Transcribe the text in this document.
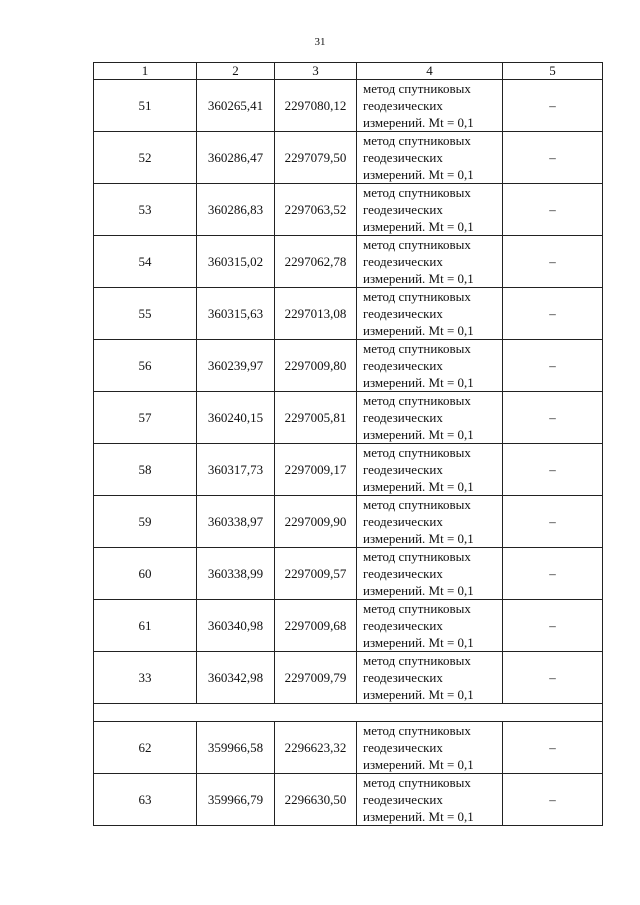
31
1	2	3	4	5
51	360265,41	2297080,12	метод спутниковых
геодезических
измерений. Mt = 0,1	–
52	360286,47	2297079,50	метод спутниковых
геодезических
измерений. Mt = 0,1	–
53	360286,83	2297063,52	метод спутниковых
геодезических
измерений. Mt = 0,1	–
54	360315,02	2297062,78	метод спутниковых
геодезических
измерений. Mt = 0,1	–
55	360315,63	2297013,08	метод спутниковых
геодезических
измерений. Mt = 0,1	–
56	360239,97	2297009,80	метод спутниковых
геодезических
измерений. Mt = 0,1	–
57	360240,15	2297005,81	метод спутниковых
геодезических
измерений. Mt = 0,1	–
58	360317,73	2297009,17	метод спутниковых
геодезических
измерений. Mt = 0,1	–
59	360338,97	2297009,90	метод спутниковых
геодезических
измерений. Mt = 0,1	–
60	360338,99	2297009,57	метод спутниковых
геодезических
измерений. Mt = 0,1	–
61	360340,98	2297009,68	метод спутниковых
геодезических
измерений. Mt = 0,1	–
33	360342,98	2297009,79	метод спутниковых
геодезических
измерений. Mt = 0,1	–

62	359966,58	2296623,32	метод спутниковых
геодезических
измерений. Mt = 0,1	–
63	359966,79	2296630,50	метод спутниковых
геодезических
измерений. Mt = 0,1	–
